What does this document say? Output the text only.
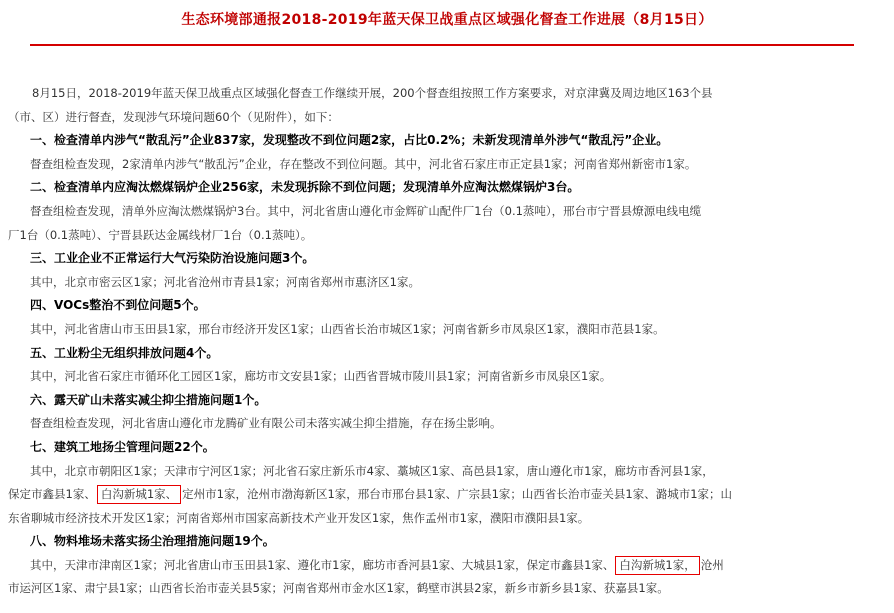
生态环境部通报2018-2019年蓝天保卫战重点区域强化督查工作进展（8月15日）
8月15日，2018-2019年蓝天保卫战重点区域强化督查工作继续开展，200个督查组按照工作方案要求，对京津冀及周边地区163个县
（市、区）进行督查，发现涉气环境问题60个（见附件），如下：
一、检查清单内涉气“散乱污”企业837家，发现整改不到位问题2家，占比0.2%；未新发现清单外涉气“散乱污”企业。
督查组检查发现，2家清单内涉气“散乱污”企业，存在整改不到位问题。其中，河北省石家庄市正定县1家；河南省郑州新密市1家。
二、检查清单内应淘汰燃煤锅炉企业256家，未发现拆除不到位问题；发现清单外应淘汰燃煤锅炉3台。
督查组检查发现，清单外应淘汰燃煤锅炉3台。其中，河北省唐山遵化市金辉矿山配件厂1台（0.1蒸吨），邢台市宁晋县燎源电线电缆
厂1台（0.1蒸吨）、宁晋县跃达金属线材厂1台（0.1蒸吨）。
三、工业企业不正常运行大气污染防治设施问题3个。
其中，北京市密云区1家；河北省沧州市青县1家；河南省郑州市惠济区1家。
四、VOCs整治不到位问题5个。
其中，河北省唐山市玉田县1家，邢台市经济开发区1家；山西省长治市城区1家；河南省新乡市凤泉区1家，濮阳市范县1家。
五、工业粉尘无组织排放问题4个。
其中，河北省石家庄市循环化工园区1家，廊坊市文安县1家；山西省晋城市陵川县1家；河南省新乡市凤泉区1家。
六、露天矿山未落实减尘抑尘措施问题1个。
督查组检查发现，河北省唐山遵化市龙腾矿业有限公司未落实减尘抑尘措施，存在扬尘影响。
七、建筑工地扬尘管理问题22个。
其中，北京市朝阳区1家；天津市宁河区1家；河北省石家庄新乐市4家、藁城区1家、高邑县1家，唐山遵化市1家，廊坊市香河县1家，
保定市鑫县1家、 白沟新城1家、 定州市1家，沧州市渤海新区1家，邢台市邢台县1家、广宗县1家；山西省长治市壶关县1家、潞城市1家；山
东省聊城市经济技术开发区1家；河南省郑州市国家高新技术产业开发区1家，焦作孟州市1家，濮阳市濮阳县1家。
八、物料堆场未落实扬尘治理措施问题19个。
其中，天津市津南区1家；河北省唐山市玉田县1家、遵化市1家，廊坊市香河县1家、大城县1家，保定市鑫县1家、 白沟新城1家， 沧州
市运河区1家、肃宁县1家；山西省长治市壶关县5家；河南省郑州市金水区1家，鹤壁市淇县2家，新乡市新乡县1家、获嘉县1家。
